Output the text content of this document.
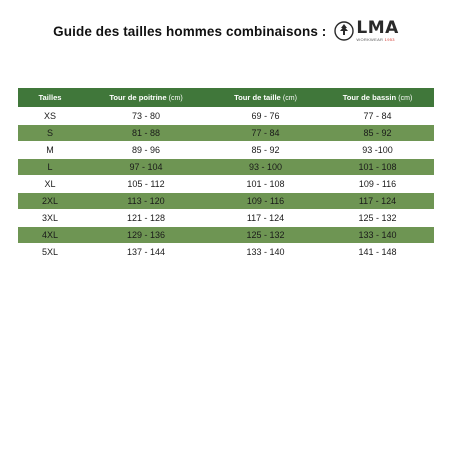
Guide des tailles hommes combinaisons : LMA
WORKWEAR 1953
Tailles	Tour de poitrine (cm)	Tour de taille (cm)	Tour de bassin (cm)
XS	73 - 80	69 - 76	77 - 84
S	81 - 88	77 - 84	85 - 92
M	89 - 96	85 - 92	93 -100
L	97 - 104	93 - 100	101 - 108
XL	105 - 112	101 - 108	109 - 116
2XL	113 - 120	109 - 116	117 - 124
3XL	121 - 128	117 - 124	125 - 132
4XL	129 - 136	125 - 132	133 - 140
5XL	137 - 144	133 - 140	141 - 148
